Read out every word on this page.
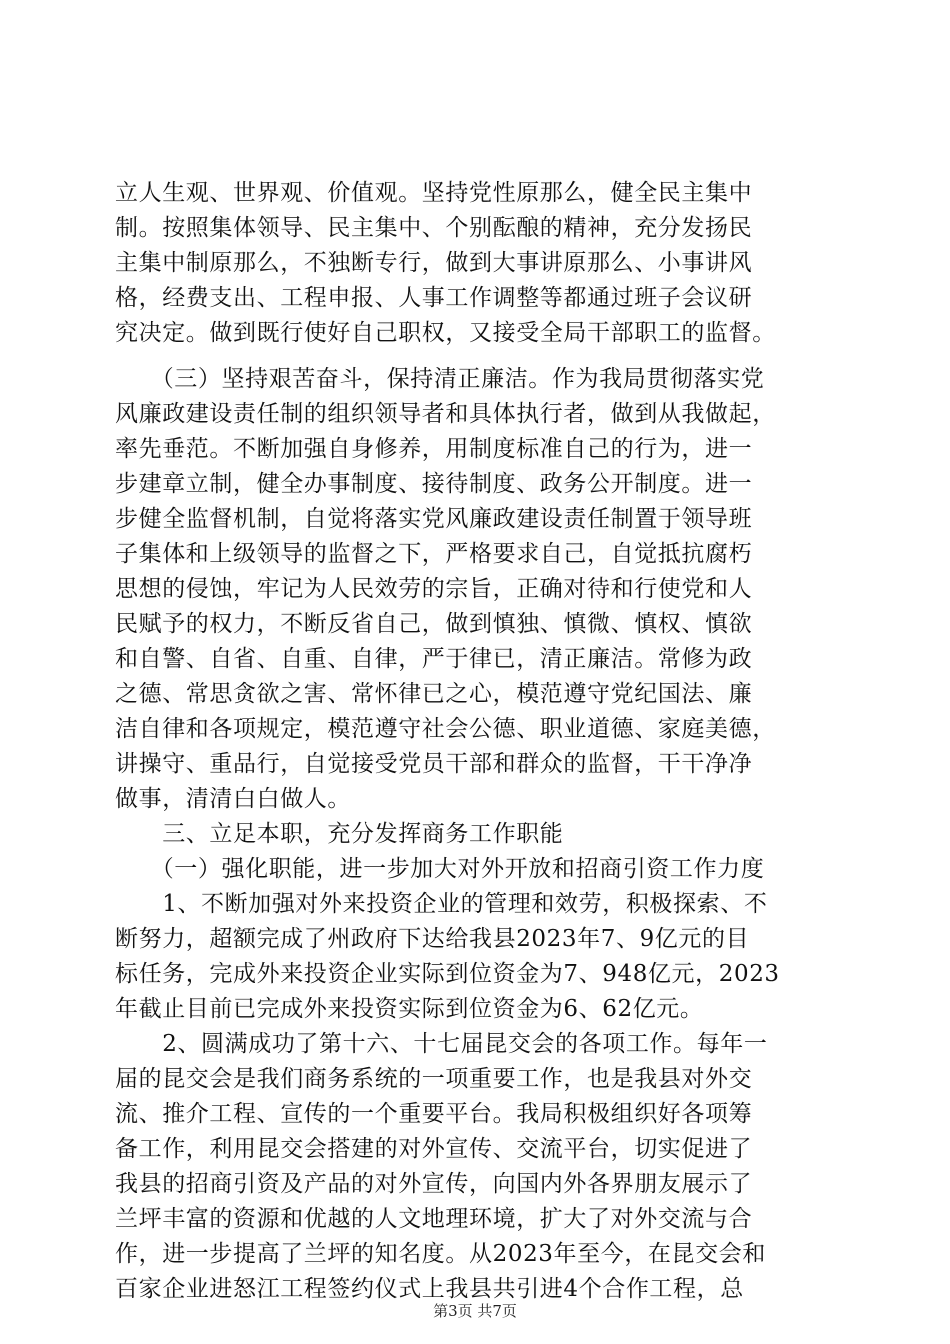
立人生观、世界观、价值观。坚持党性原那么，健全民主集中
制。按照集体领导、民主集中、个别酝酿的精神，充分发扬民
主集中制原那么，不独断专行，做到大事讲原那么、小事讲风
格，经费支出、工程申报、人事工作调整等都通过班子会议研
究决定。做到既行使好自己职权，又接受全局干部职工的监督。
　　（三）坚持艰苦奋斗，保持清正廉洁。作为我局贯彻落实党
风廉政建设责任制的组织领导者和具体执行者，做到从我做起，
率先垂范。不断加强自身修养，用制度标准自己的行为，进一
步建章立制，健全办事制度、接待制度、政务公开制度。进一
步健全监督机制，自觉将落实党风廉政建设责任制置于领导班
子集体和上级领导的监督之下，严格要求自己，自觉抵抗腐朽
思想的侵蚀，牢记为人民效劳的宗旨，正确对待和行使党和人
民赋予的权力，不断反省自己，做到慎独、慎微、慎权、慎欲
和自警、自省、自重、自律，严于律已，清正廉洁。常修为政
之德、常思贪欲之害、常怀律已之心，模范遵守党纪国法、廉
洁自律和各项规定，模范遵守社会公德、职业道德、家庭美德，
讲操守、重品行，自觉接受党员干部和群众的监督，干干净净
做事，清清白白做人。
　　三、立足本职，充分发挥商务工作职能
　　（一）强化职能，进一步加大对外开放和招商引资工作力度
　　1、不断加强对外来投资企业的管理和效劳，积极探索、不
断努力，超额完成了州政府下达给我县2023年7、9亿元的目
标任务，完成外来投资企业实际到位资金为7、948亿元，2023
年截止目前已完成外来投资实际到位资金为6、62亿元。
　　2、圆满成功了第十六、十七届昆交会的各项工作。每年一
届的昆交会是我们商务系统的一项重要工作，也是我县对外交
流、推介工程、宣传的一个重要平台。我局积极组织好各项筹
备工作，利用昆交会搭建的对外宣传、交流平台，切实促进了
我县的招商引资及产品的对外宣传，向国内外各界朋友展示了
兰坪丰富的资源和优越的人文地理环境，扩大了对外交流与合
作，进一步提高了兰坪的知名度。从2023年至今，在昆交会和
百家企业进怒江工程签约仪式上我县共引进4个合作工程，总
第3页 共7页
